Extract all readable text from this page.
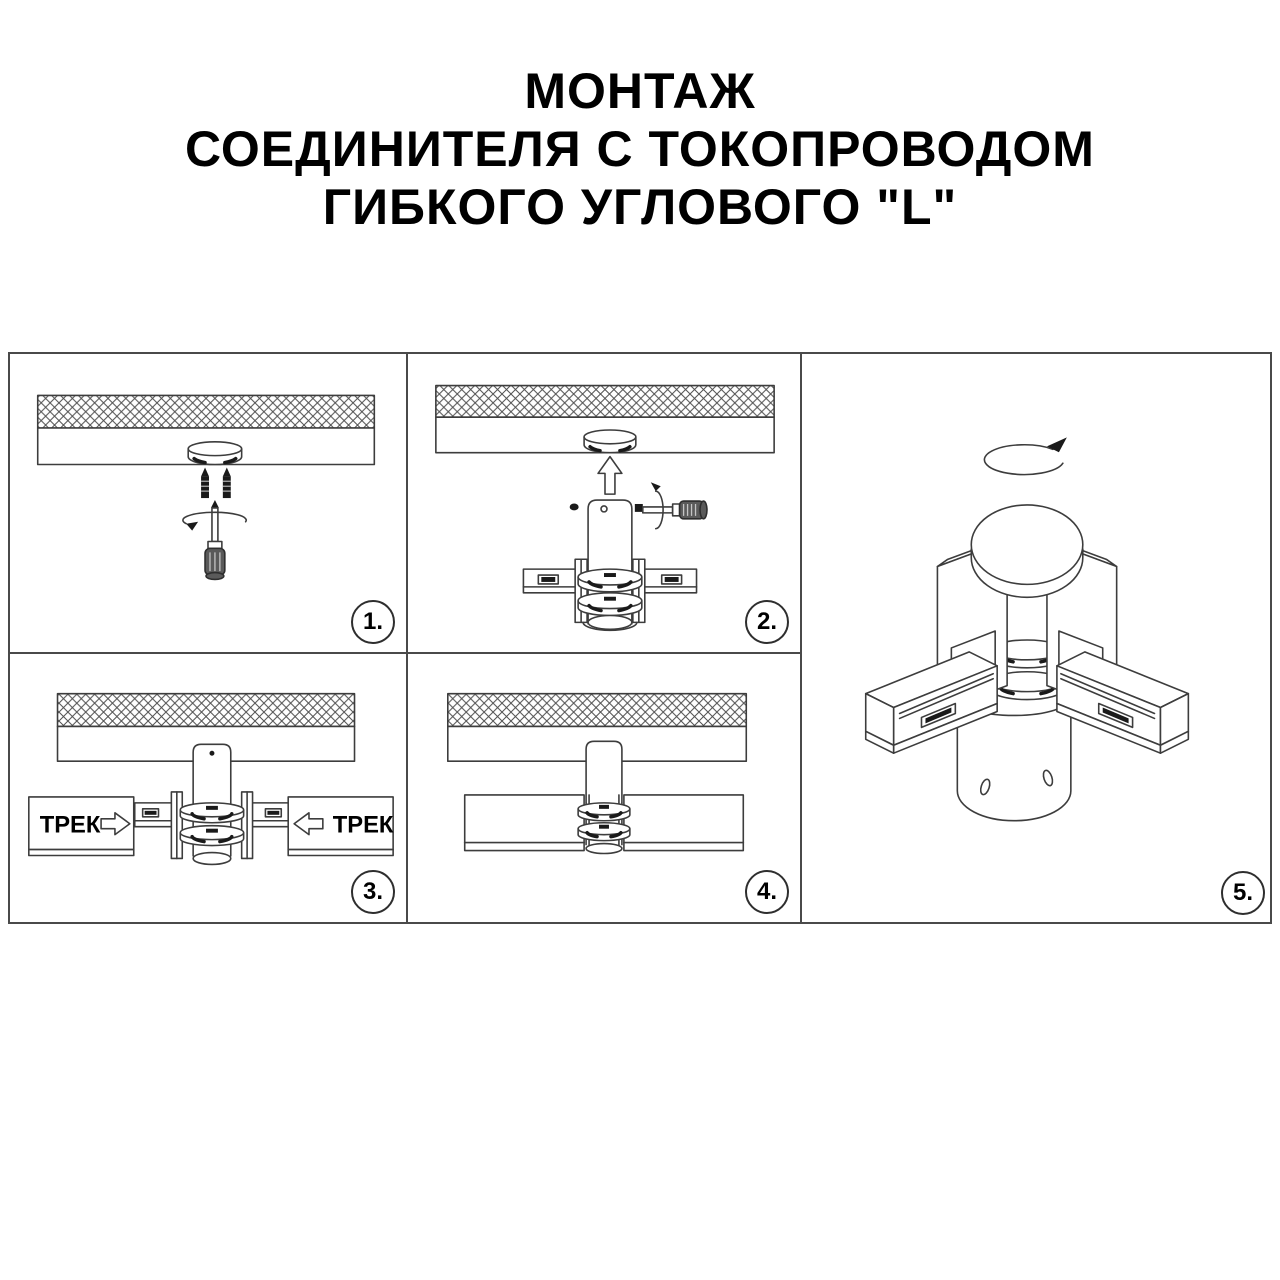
МОНТАЖ
СОЕДИНИТЕЛЯ С ТОКОПРОВОДОМ
ГИБКОГО УГЛОВОГО "L"
1.	2.
ТРЕК	ТРЕК
3.	4.	5.
